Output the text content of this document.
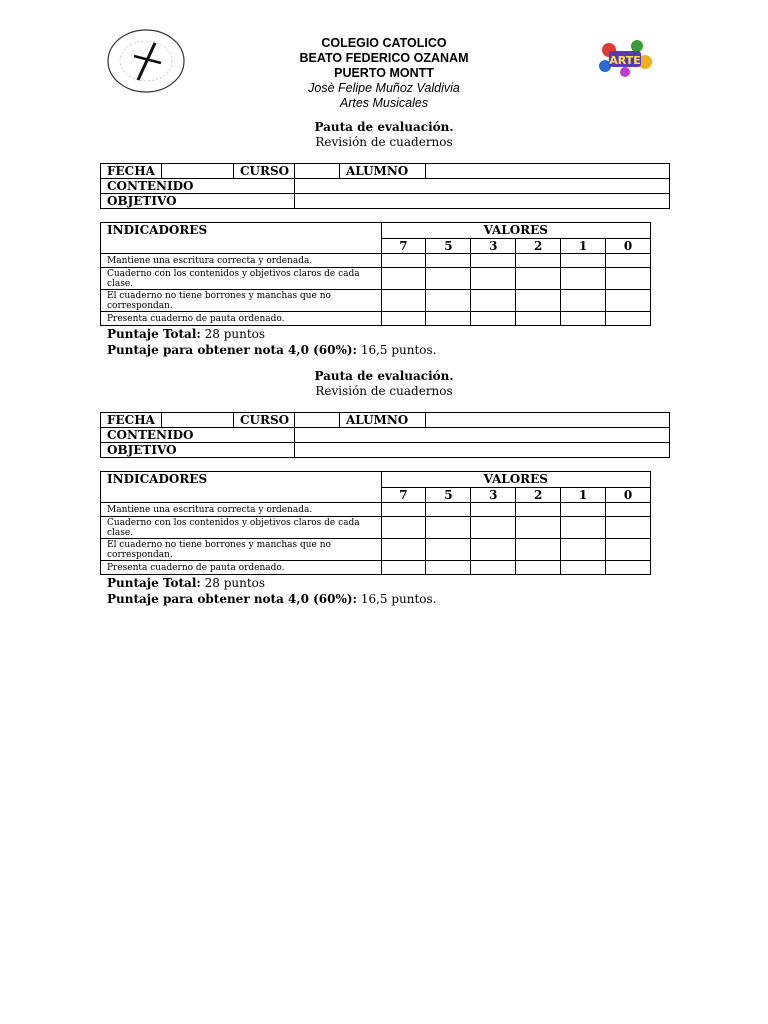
ARTE
COLEGIO CATOLICO
BEATO FEDERICO OZANAM
PUERTO MONTT
Josè Felipe Muñoz Valdivia
Artes Musicales
Pauta de evaluación.
Revisión de cuadernos
FECHA		CURSO		ALUMNO	
CONTENIDO					
OBJETIVO					
INDICADORES	VALORES					
	7	5	3	2	1	0
Mantiene una escritura correcta y ordenada.						
Cuaderno con los contenidos y objetivos claros de cada clase.						
El cuaderno no tiene borrones y manchas que no correspondan.						
Presenta cuaderno de pauta ordenado.						
Puntaje Total: 28 puntos
Puntaje para obtener nota 4,0 (60%): 16,5 puntos.
Pauta de evaluación.
Revisión de cuadernos
FECHA		CURSO		ALUMNO	
CONTENIDO					
OBJETIVO					
INDICADORES	VALORES					
	7	5	3	2	1	0
Mantiene una escritura correcta y ordenada.						
Cuaderno con los contenidos y objetivos claros de cada clase.						
El cuaderno no tiene borrones y manchas que no correspondan.						
Presenta cuaderno de pauta ordenado.						
Puntaje Total: 28 puntos
Puntaje para obtener nota 4,0 (60%): 16,5 puntos.
